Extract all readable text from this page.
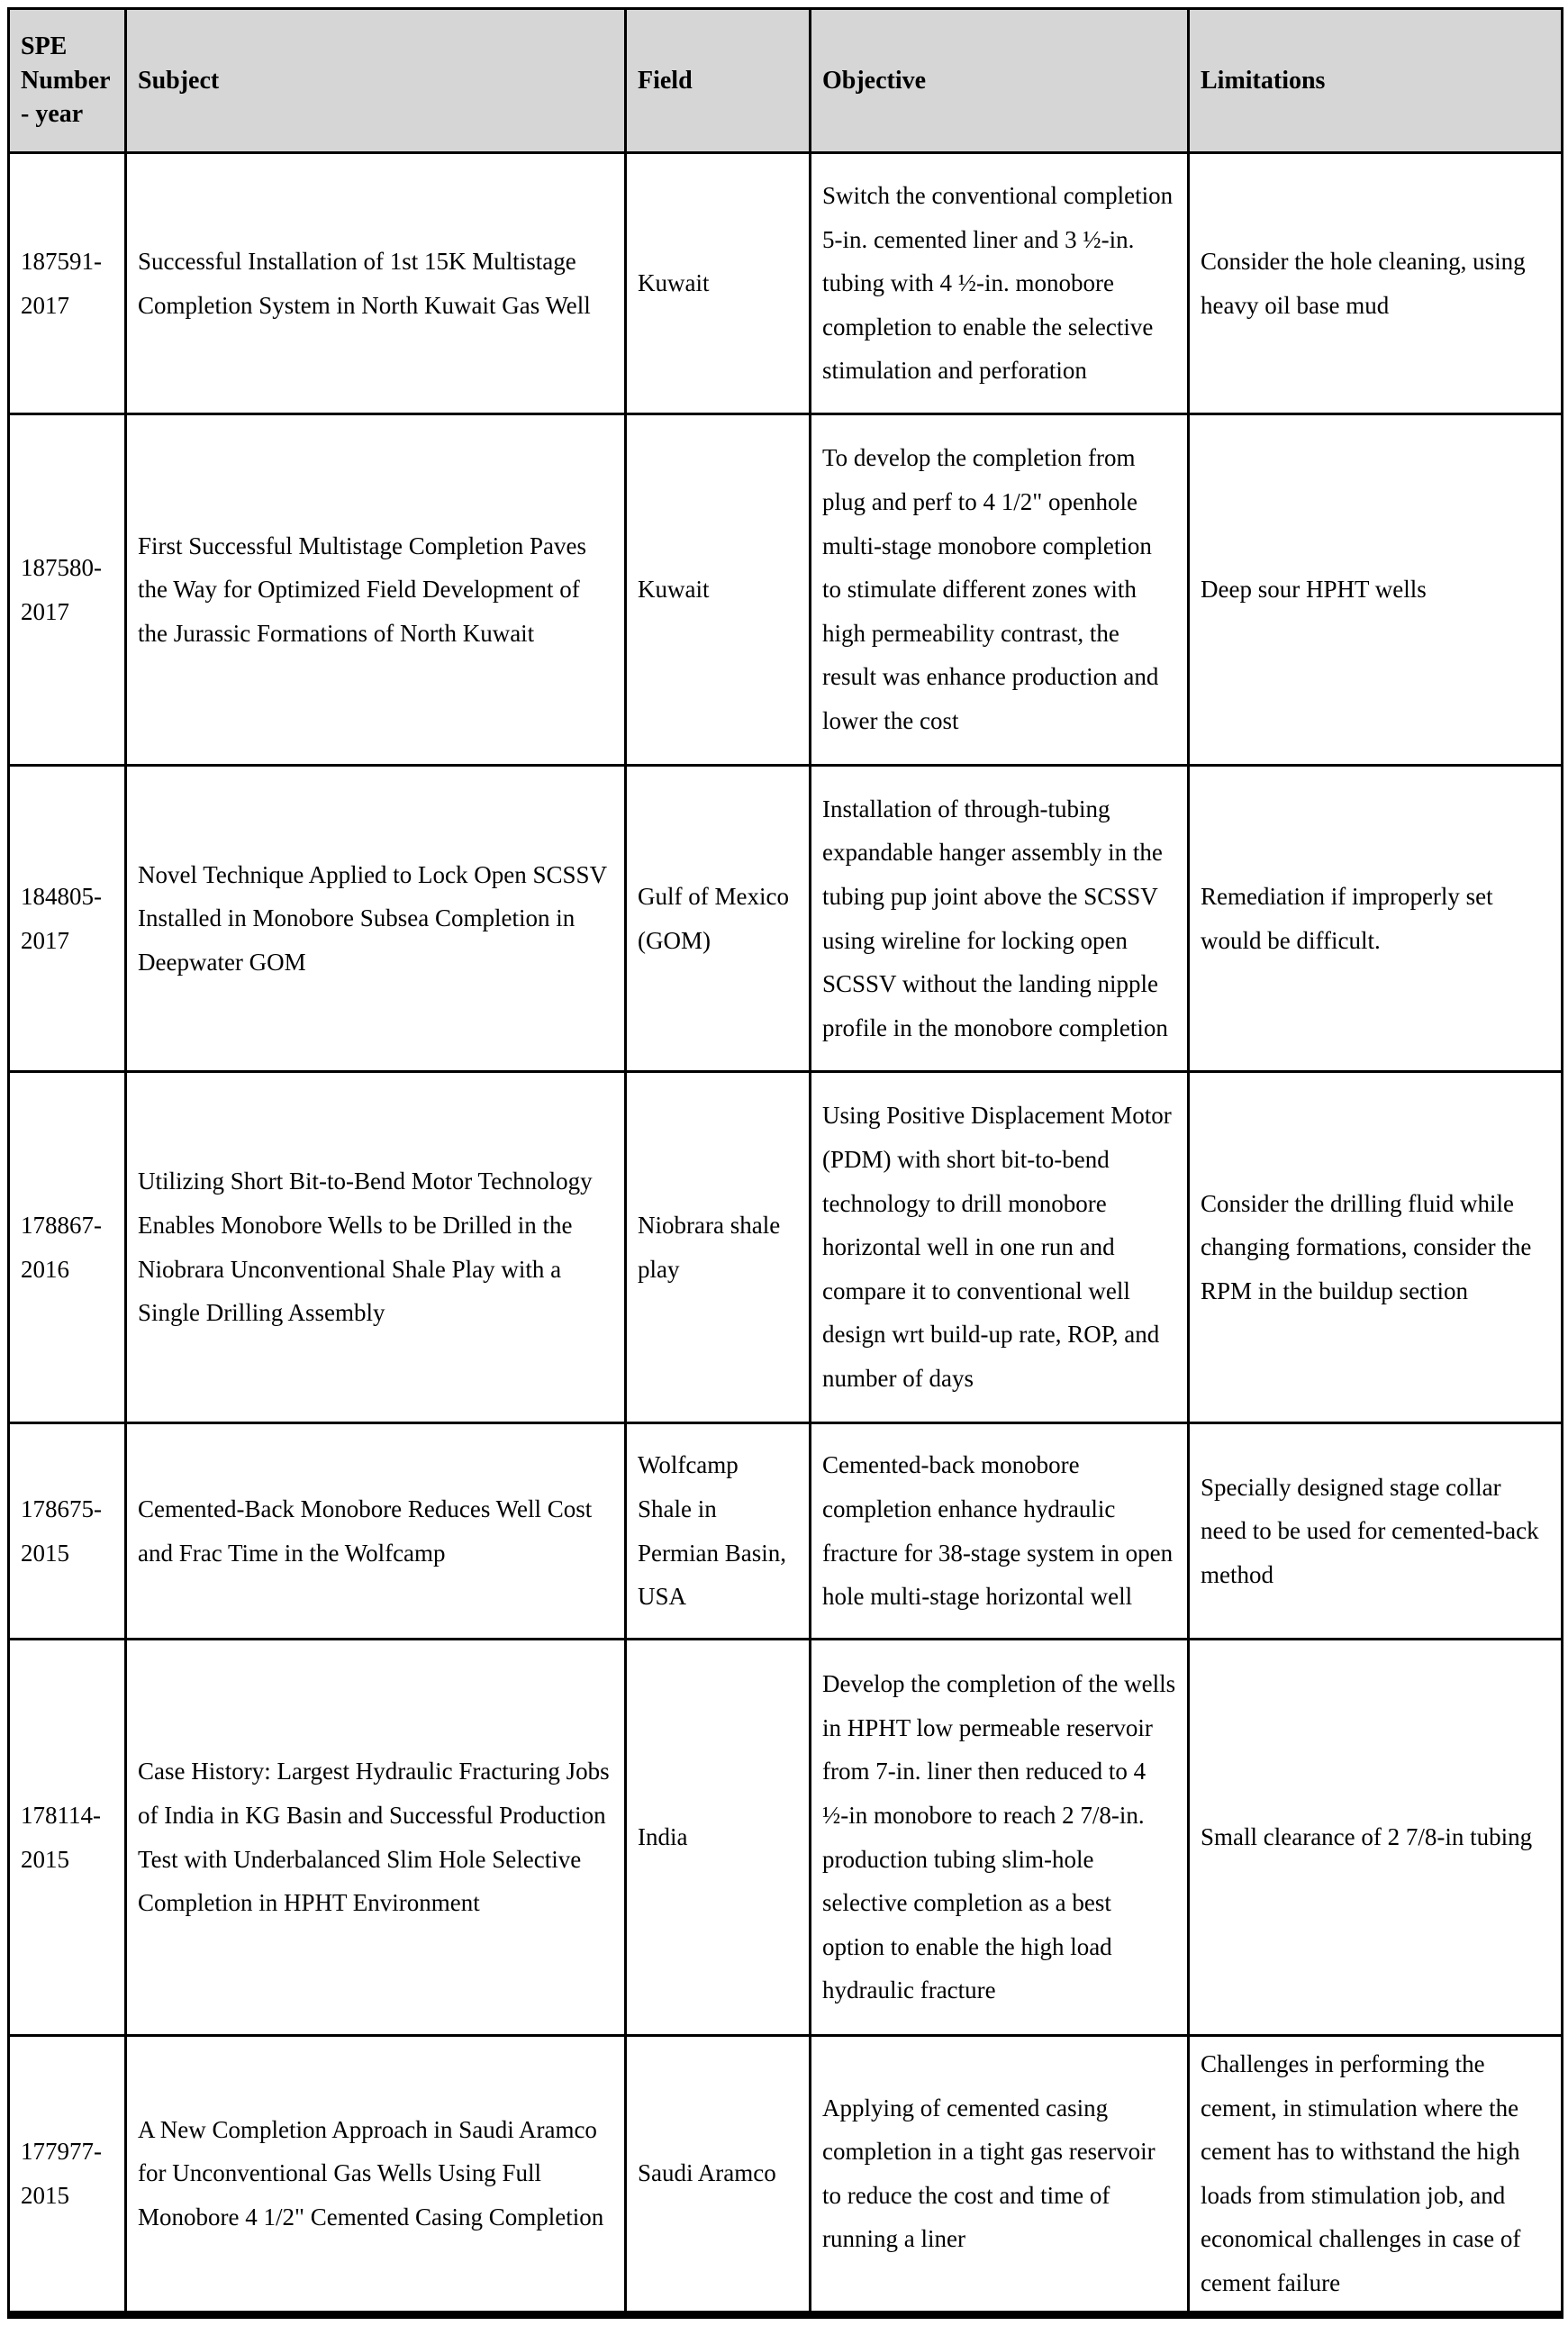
SPE Number - year	Subject	Field	Objective	Limitations
187591-2017	Successful Installation of 1st 15K Multistage Completion System in North Kuwait Gas Well	Kuwait	Switch the conventional completion 5-in. cemented liner and 3 ½-in. tubing with 4 ½-in. monobore completion to enable the selective stimulation and perforation	Consider the hole cleaning, using heavy oil base mud
187580-2017	First Successful Multistage Completion Paves the Way for Optimized Field Development of the Jurassic Formations of North Kuwait	Kuwait	To develop the completion from plug and perf to 4 1/2" openhole multi-stage monobore completion to stimulate different zones with high permeability contrast, the result was enhance production and lower the cost	Deep sour HPHT wells
184805-2017	Novel Technique Applied to Lock Open SCSSV Installed in Monobore Subsea Completion in Deepwater GOM	Gulf of Mexico (GOM)	Installation of through-tubing expandable hanger assembly in the tubing pup joint above the SCSSV using wireline for locking open SCSSV without the landing nipple profile in the monobore completion	Remediation if improperly set would be difficult.
178867-2016	Utilizing Short Bit-to-Bend Motor Technology Enables Monobore Wells to be Drilled in the Niobrara Unconventional Shale Play with a Single Drilling Assembly	Niobrara shale play	Using Positive Displacement Motor (PDM) with short bit-to-bend technology to drill monobore horizontal well in one run and compare it to conventional well design wrt build-up rate, ROP, and number of days	Consider the drilling fluid while changing formations, consider the RPM in the buildup section
178675-2015	Cemented-Back Monobore Reduces Well Cost and Frac Time in the Wolfcamp	Wolfcamp Shale in Permian Basin, USA	Cemented-back monobore completion enhance hydraulic fracture for 38-stage system in open hole multi-stage horizontal well	Specially designed stage collar need to be used for cemented-back method
178114-2015	Case History: Largest Hydraulic Fracturing Jobs of India in KG Basin and Successful Production Test with Underbalanced Slim Hole Selective Completion in HPHT Environment	India	Develop the completion of the wells in HPHT low permeable reservoir from 7-in. liner then reduced to 4 ½-in monobore to reach 2 7/8-in. production tubing slim-hole selective completion as a best option to enable the high load hydraulic fracture	Small clearance of 2 7/8-in tubing
177977-2015	A New Completion Approach in Saudi Aramco for Unconventional Gas Wells Using Full Monobore 4 1/2" Cemented Casing Completion	Saudi Aramco	Applying of cemented casing completion in a tight gas reservoir to reduce the cost and time of running a liner	Challenges in performing the cement, in stimulation where the cement has to withstand the high loads from stimulation job, and economical challenges in case of cement failure
